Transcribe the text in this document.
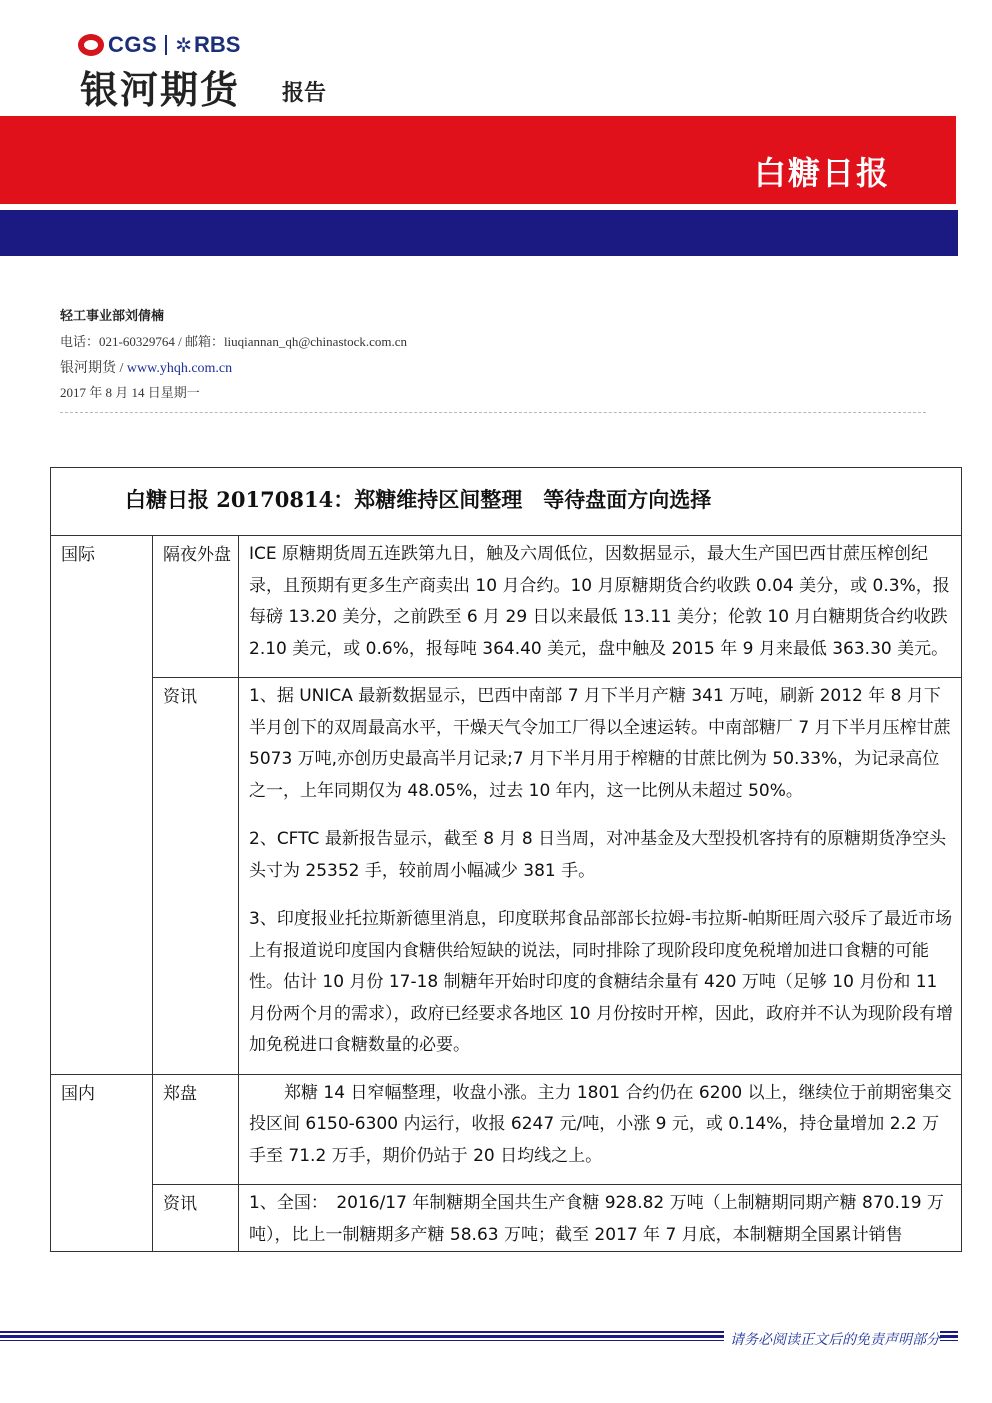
CGS ✲ RBS
银河期货 报告
白糖日报
轻工事业部刘倩楠
电话：021-60329764 / 邮箱：liuqiannan_qh@chinastock.com.cn
银河期货 / www.yhqh.com.cn
2017 年 8 月 14 日星期一
白糖日报 20170814：郑糖维持区间整理　等待盘面方向选择		
国际	隔夜外盘	ICE 原糖期货周五连跌第九日，触及六周低位，因数据显示，最大生产国巴西甘蔗压榨创纪录，且预期有更多生产商卖出 10 月合约。10 月原糖期货合约收跌 0.04 美分，或 0.3%，报每磅 13.20 美分，之前跌至 6 月 29 日以来最低 13.11 美分；伦敦 10 月白糖期货合约收跌 2.10 美元，或 0.6%，报每吨 364.40 美元，盘中触及 2015 年 9 月来最低 363.30 美元。

	资讯	1、据 UNICA 最新数据显示，巴西中南部 7 月下半月产糖 341 万吨，刷新 2012 年 8 月下半月创下的双周最高水平，干燥天气令加工厂得以全速运转。中南部糖厂 7 月下半月压榨甘蔗 5073 万吨,亦创历史最高半月记录;7 月下半月用于榨糖的甘蔗比例为 50.33%，为记录高位之一，上年同期仅为 48.05%，过去 10 年内，这一比例从未超过 50%。

2、CFTC 最新报告显示，截至 8 月 8 日当周，对冲基金及大型投机客持有的原糖期货净空头头寸为 25352 手，较前周小幅减少 381 手。

3、印度报业托拉斯新德里消息，印度联邦食品部部长拉姆-韦拉斯-帕斯旺周六驳斥了最近市场上有报道说印度国内食糖供给短缺的说法，同时排除了现阶段印度免税增加进口食糖的可能性。估计 10 月份 17-18 制糖年开始时印度的食糖结余量有 420 万吨（足够 10 月份和 11 月份两个月的需求），政府已经要求各地区 10 月份按时开榨，因此，政府并不认为现阶段有增加免税进口食糖数量的必要。

国内	郑盘	郑糖 14 日窄幅整理，收盘小涨。主力 1801 合约仍在 6200 以上，继续位于前期密集交投区间 6150-6300 内运行，收报 6247 元/吨，小涨 9 元，或 0.14%，持仓量增加 2.2 万手至 71.2 万手，期价仍站于 20 日均线之上。

	资讯	1、全国：　2016/17 年制糖期全国共生产食糖 928.82 万吨（上制糖期同期产糖 870.19 万吨），比上一制糖期多产糖 58.63 万吨；截至 2017 年 7 月底，本制糖期全国累计销售

请务必阅读正文后的免责声明部分
